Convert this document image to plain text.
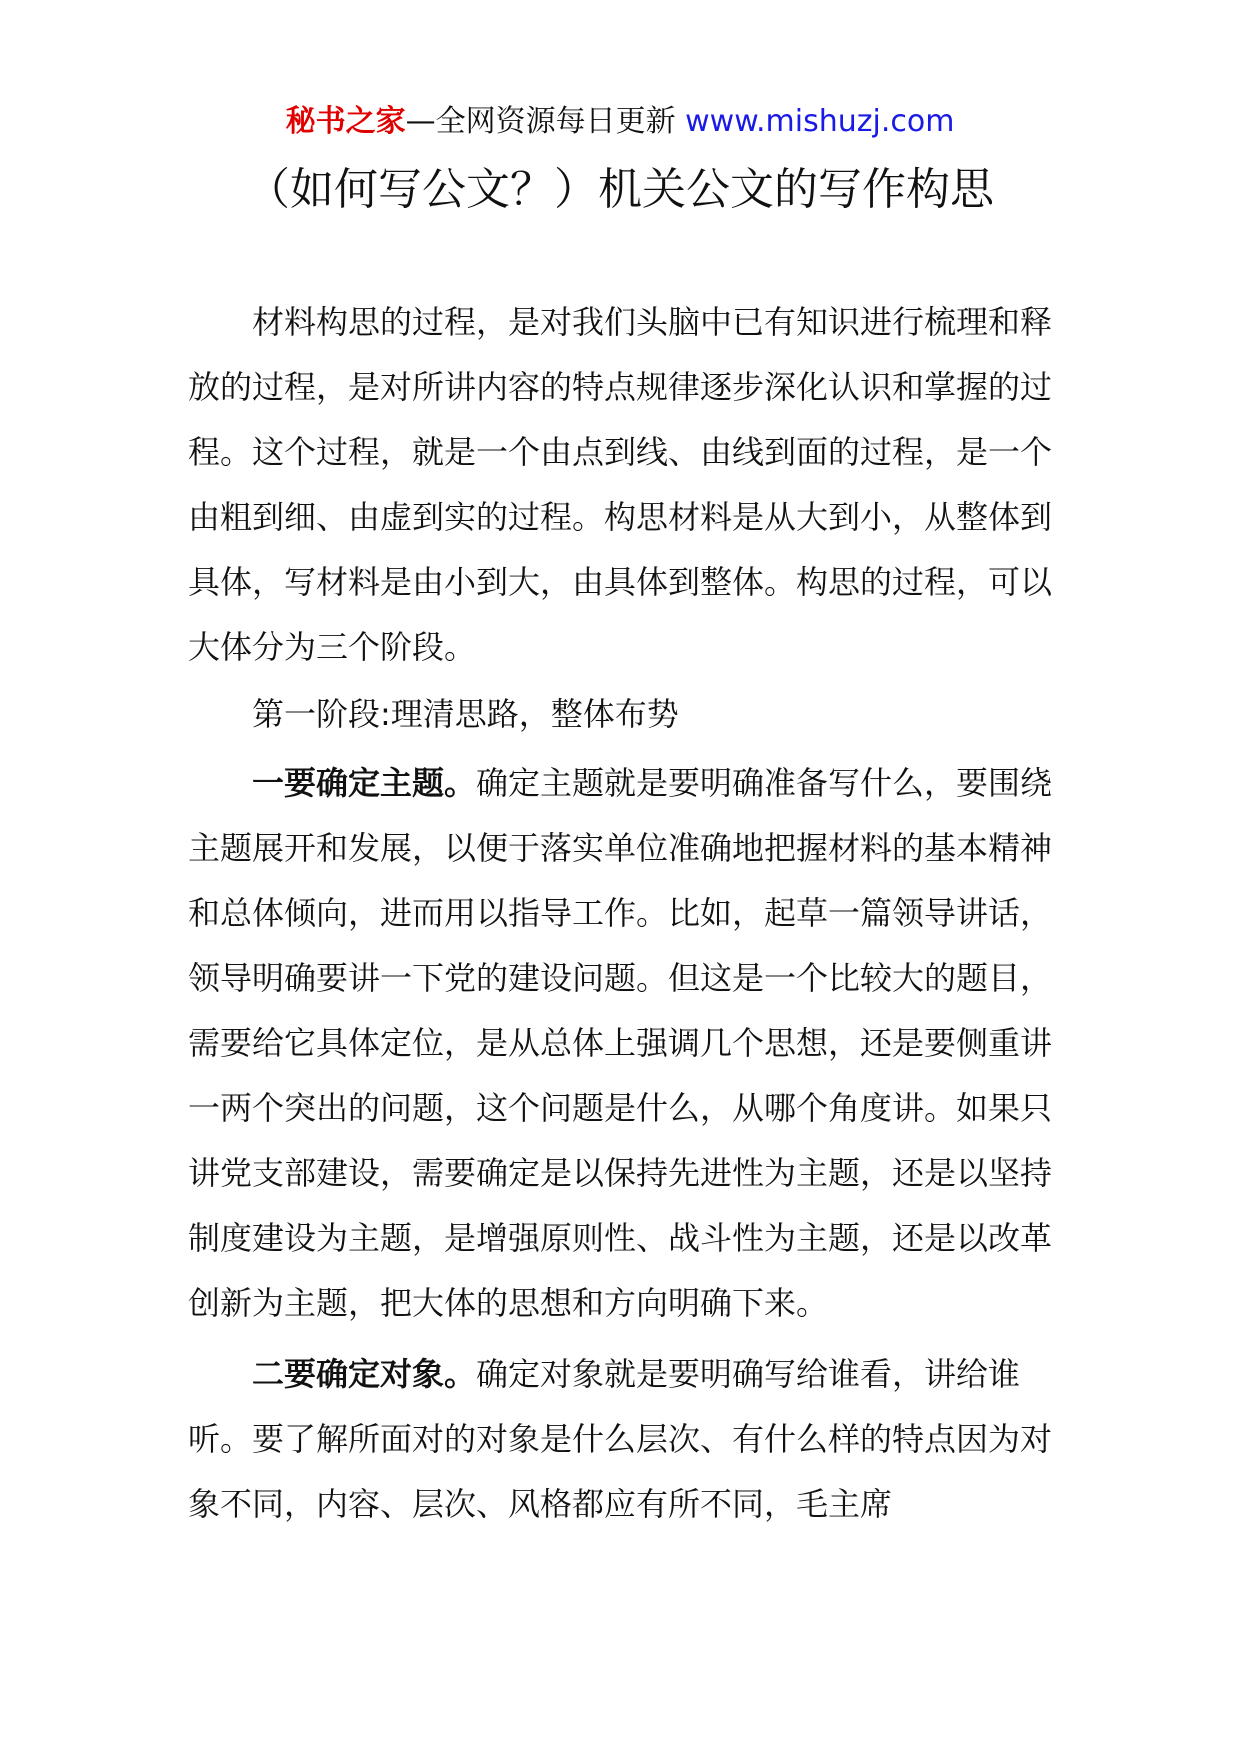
秘书之家—全网资源每日更新 www.mishuzj.com
（如何写公文？）机关公文的写作构思

材料构思的过程，是对我们头脑中已有知识进行梳理和释放的过程，是对所讲内容的特点规律逐步深化认识和掌握的过程。这个过程，就是一个由点到线、由线到面的过程，是一个由粗到细、由虚到实的过程。构思材料是从大到小，从整体到具体，写材料是由小到大，由具体到整体。构思的过程，可以大体分为三个阶段。

第一阶段:理清思路，整体布势

一要确定主题。确定主题就是要明确准备写什么，要围绕主题展开和发展，以便于落实单位准确地把握材料的基本精神和总体倾向，进而用以指导工作。比如，起草一篇领导讲话，领导明确要讲一下党的建设问题。但这是一个比较大的题目，需要给它具体定位，是从总体上强调几个思想，还是要侧重讲一两个突出的问题，这个问题是什么，从哪个角度讲。如果只讲党支部建设，需要确定是以保持先进性为主题，还是以坚持制度建设为主题，是增强原则性、战斗性为主题，还是以改革创新为主题，把大体的思想和方向明确下来。

二要确定对象。确定对象就是要明确写给谁看，讲给谁听。要了解所面对的对象是什么层次、有什么样的特点因为对象不同，内容、层次、风格都应有所不同，毛主席
